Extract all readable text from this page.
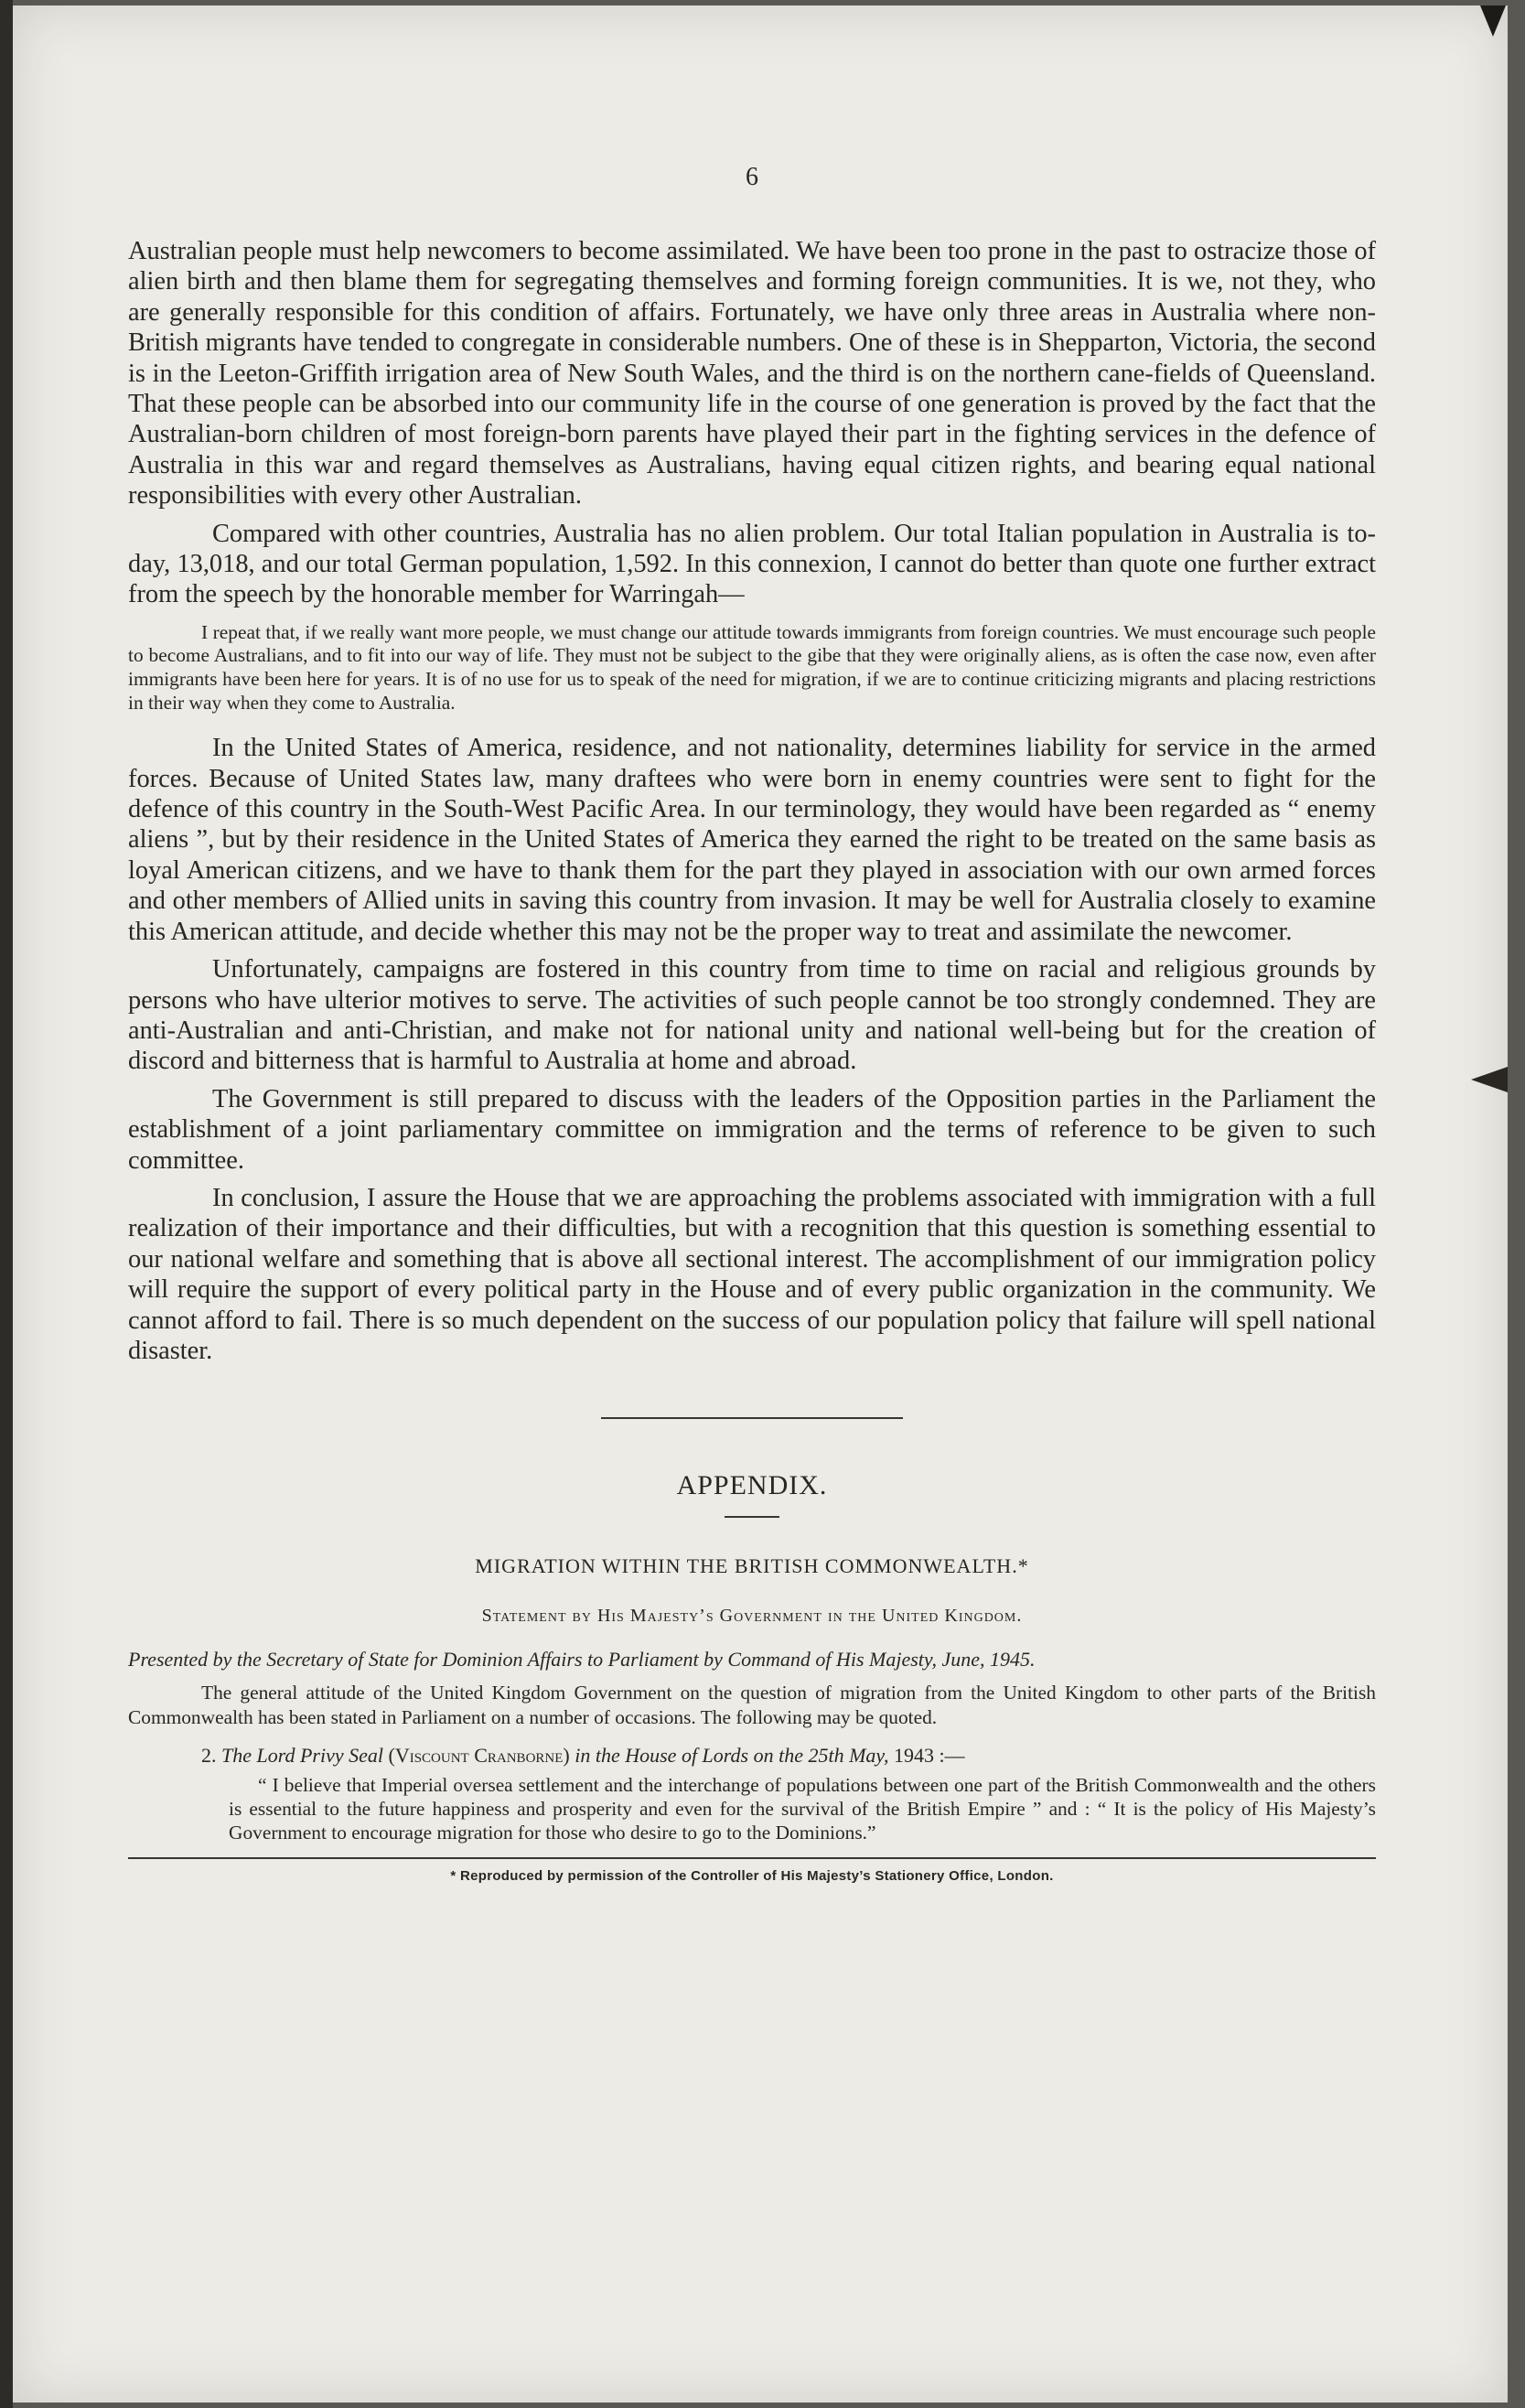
6

Australian people must help newcomers to become assimilated. We have been too prone in the past to ostracize those of alien birth and then blame them for segregating themselves and forming foreign communities. It is we, not they, who are generally responsible for this condition of affairs. Fortunately, we have only three areas in Australia where non-British migrants have tended to congregate in considerable numbers. One of these is in Shepparton, Victoria, the second is in the Leeton-Griffith irrigation area of New South Wales, and the third is on the northern cane-fields of Queensland. That these people can be absorbed into our community life in the course of one generation is proved by the fact that the Australian-born children of most foreign-born parents have played their part in the fighting services in the defence of Australia in this war and regard themselves as Australians, having equal citizen rights, and bearing equal national responsibilities with every other Australian.

Compared with other countries, Australia has no alien problem. Our total Italian population in Australia is to-day, 13,018, and our total German population, 1,592. In this connexion, I cannot do better than quote one further extract from the speech by the honorable member for Warringah—

I repeat that, if we really want more people, we must change our attitude towards immigrants from foreign countries. We must encourage such people to become Australians, and to fit into our way of life. They must not be subject to the gibe that they were originally aliens, as is often the case now, even after immigrants have been here for years. It is of no use for us to speak of the need for migration, if we are to continue criticizing migrants and placing restrictions in their way when they come to Australia.

In the United States of America, residence, and not nationality, determines liability for service in the armed forces. Because of United States law, many draftees who were born in enemy countries were sent to fight for the defence of this country in the South-West Pacific Area. In our terminology, they would have been regarded as “ enemy aliens ”, but by their residence in the United States of America they earned the right to be treated on the same basis as loyal American citizens, and we have to thank them for the part they played in association with our own armed forces and other members of Allied units in saving this country from invasion. It may be well for Australia closely to examine this American attitude, and decide whether this may not be the proper way to treat and assimilate the newcomer.

Unfortunately, campaigns are fostered in this country from time to time on racial and religious grounds by persons who have ulterior motives to serve. The activities of such people cannot be too strongly condemned. They are anti-Australian and anti-Christian, and make not for national unity and national well-being but for the creation of discord and bitterness that is harmful to Australia at home and abroad.

The Government is still prepared to discuss with the leaders of the Opposition parties in the Parliament the establishment of a joint parliamentary committee on immigration and the terms of reference to be given to such committee.

In conclusion, I assure the House that we are approaching the problems associated with immigration with a full realization of their importance and their difficulties, but with a recognition that this question is something essential to our national welfare and something that is above all sectional interest. The accomplishment of our immigration policy will require the support of every political party in the House and of every public organization in the community. We cannot afford to fail. There is so much dependent on the success of our population policy that failure will spell national disaster.

APPENDIX.
MIGRATION WITHIN THE BRITISH COMMONWEALTH.*
Statement by His Majesty’s Government in the United Kingdom.
Presented by the Secretary of State for Dominion Affairs to Parliament by Command of His Majesty, June, 1945.
The general attitude of the United Kingdom Government on the question of migration from the United Kingdom to other parts of the British Commonwealth has been stated in Parliament on a number of occasions. The following may be quoted.
2. The Lord Privy Seal (Viscount Cranborne) in the House of Lords on the 25th May, 1943 :—
“ I believe that Imperial oversea settlement and the interchange of populations between one part of the British Commonwealth and the others is essential to the future happiness and prosperity and even for the survival of the British Empire ” and : “ It is the policy of His Majesty’s Government to encourage migration for those who desire to go to the Dominions.”
* Reproduced by permission of the Controller of His Majesty’s Stationery Office, London.
